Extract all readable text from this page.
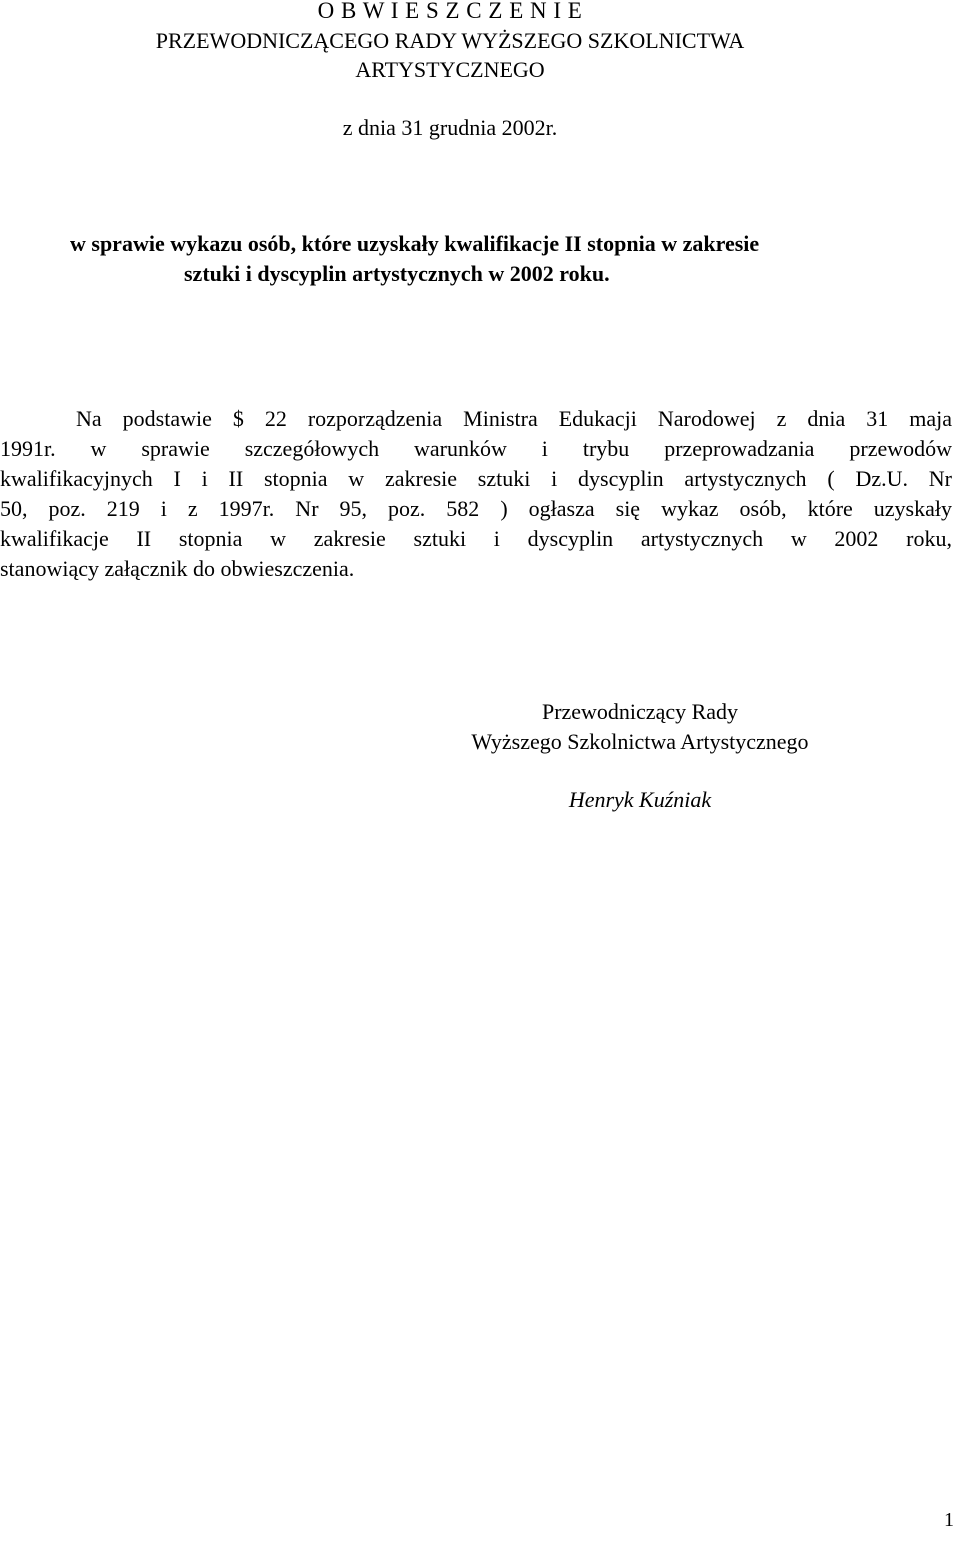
O B W I E S Z C Z E N I E
PRZEWODNICZĄCEGO RADY WYŻSZEGO SZKOLNICTWA
ARTYSTYCZNEGO
z dnia 31 grudnia 2002r.
w sprawie wykazu osób, które uzyskały kwalifikacje II stopnia w zakresie
sztuki i dyscyplin artystycznych w 2002 roku.
Na podstawie $ 22 rozporządzenia Ministra Edukacji Narodowej z dnia 31 maja
1991r. w sprawie szczegółowych warunków i trybu przeprowadzania przewodów
kwalifikacyjnych I i II stopnia w zakresie sztuki i dyscyplin artystycznych ( Dz.U. Nr
50, poz. 219 i z 1997r. Nr 95, poz. 582 ) ogłasza się wykaz osób, które uzyskały
kwalifikacje II stopnia w zakresie sztuki i dyscyplin artystycznych w 2002 roku,
stanowiący załącznik do obwieszczenia.
Przewodniczący Rady
Wyższego Szkolnictwa Artystycznego
Henryk Kuźniak
1
